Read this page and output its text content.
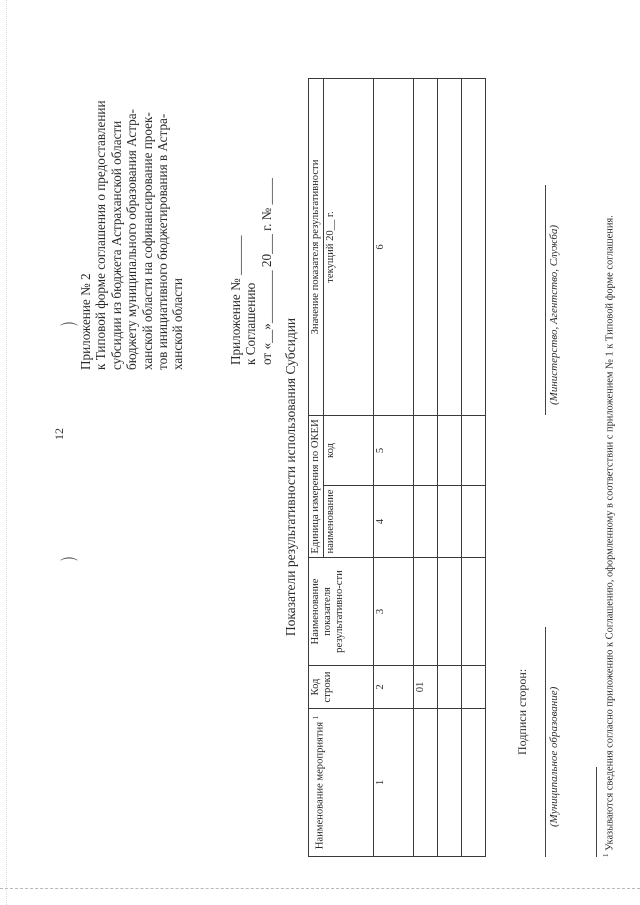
⌒
⌒
12
Приложение № 2 к Типовой форме соглашения о предоставлении субсидии из бюджета Астраханской области бюджету муниципального образования Астра- ханской области на софинансирование проек- тов инициативного бюджетирования в Астра- ханской области	Приложение № ______ к Соглашению от «__»________ 20___ г. № ____
Показатели результативности использования Субсидии
Наименование мероприятия $^1$	Код строки	Наименование показателя результативно-сти	Единица измерения по ОКЕИ		Значение показателя результативности
			наименование	код	текущий 20__ г.
1	2	3	4	5	6
	01				

						Подписи сторон: (Муниципальное образование)
(Министерство, Агентство, Служба)
$^1$ Указываются сведения согласно приложению к Соглашению, оформленному в соответствии с приложением № 1 к Типовой форме соглашения.
